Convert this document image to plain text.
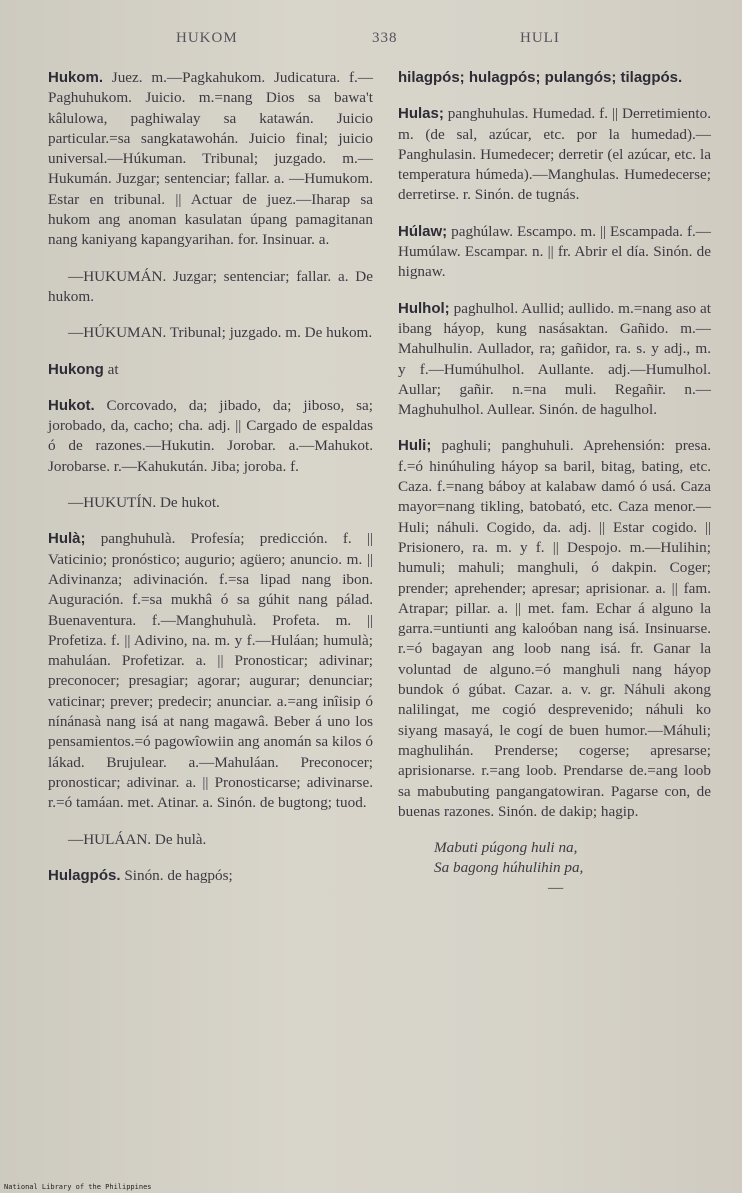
HUKOM	338	HULI

Hukom. Juez. m.—Pagkahukom. Judicatura. f.—Paghuhukom. Juicio. m.=nang Dios sa bawa't kâlulowa, paghiwalay sa katawán. Juicio particular.=sa sangkatawohán. Juicio final; juicio universal.—Húkuman. Tribunal; juzgado. m.—Hukumán. Juzgar; sentenciar; fallar. a. —Humukom. Estar en tribunal. || Actuar de juez.—Iharap sa hukom ang anoman kasulatan úpang pamagitanan nang kaniyang kapangyarihan. for. Insinuar. a.

—HUKUMÁN. Juzgar; sentenciar; fallar. a. De hukom.

—HÚKUMAN. Tribunal; juzgado. m. De hukom.

Hukong at

Hukot. Corcovado, da; jibado, da; jiboso, sa; jorobado, da, cacho; cha. adj. || Cargado de espaldas ó de razones.—Hukutin. Jorobar. a.—Mahukot. Jorobarse. r.—Kahukután. Jiba; joroba. f.

—HUKUTÍN. De hukot.

Hulà; panghuhulà. Profesía; predicción. f. || Vaticinio; pronóstico; augurio; agüero; anuncio. m. || Adivinanza; adivinación. f.=sa lipad nang ibon. Auguración. f.=sa mukhâ ó sa gúhit nang pálad. Buenaventura. f.—Manghuhulà. Profeta. m. || Profetiza. f. || Adivino, na. m. y f.—Huláan; humulà; mahuláan. Profetizar. a. || Pronosticar; adivinar; preconocer; presagiar; agorar; augurar; denunciar; vaticinar; prever; predecir; anunciar. a.=ang inîisip ó nínánasà nang isá at nang magawâ. Beber á uno los pensamientos.=ó pagowîowiin ang anomán sa kilos ó lákad. Brujulear. a.—Mahuláan. Preconocer; pronosticar; adivinar. a. || Pronosticarse; adivinarse. r.=ó tamáan. met. Atinar. a. Sinón. de bugtong; tuod.

—HULÁAN. De hulà.

Hulagpós. Sinón. de hagpós;

hilagpós; hulagpós; pulangós; tilagpós.

Hulas; panghuhulas. Humedad. f. || Derretimiento. m. (de sal, azúcar, etc. por la humedad).—Panghulasin. Humedecer; derretir (el azúcar, etc. la temperatura húmeda).—Manghulas. Humedecerse; derretirse. r. Sinón. de tugnás.

Húlaw; paghúlaw. Escampo. m. || Escampada. f.—Humúlaw. Escampar. n. || fr. Abrir el día. Sinón. de hignaw.

Hulhol; paghulhol. Aullid; aullido. m.=nang aso at ibang háyop, kung nasásaktan. Gañido. m.—Mahulhulin. Aullador, ra; gañidor, ra. s. y adj., m. y f.—Humúhulhol. Aullante. adj.—Humulhol. Aullar; gañir. n.=na muli. Regañir. n.—Maghuhulhol. Aullear. Sinón. de hagulhol.

Huli; paghuli; panghuhuli. Aprehensión: presa. f.=ó hinúhuling háyop sa baril, bitag, bating, etc. Caza. f.=nang báboy at kalabaw damó ó usá. Caza mayor=nang tikling, batobató, etc. Caza menor.—Huli; náhuli. Cogido, da. adj. || Estar cogido. || Prisionero, ra. m. y f. || Despojo. m.—Hulihin; humuli; mahuli; manghuli, ó dakpin. Coger; prender; aprehender; apresar; aprisionar. a. || fam. Atrapar; pillar. a. || met. fam. Echar á alguno la garra.=untiunti ang kaloóban nang isá. Insinuarse. r.=ó bagayan ang loob nang isá. fr. Ganar la voluntad de alguno.=ó manghuli nang háyop bundok ó gúbat. Cazar. a. v. gr. Náhuli akong nalilingat, me cogió desprevenido; náhuli ko siyang masayá, le cogí de buen humor.—Máhuli; maghulihán. Prenderse; cogerse; apresarse; aprisionarse. r.=ang loob. Prendarse de.=ang loob sa mabubuting pangangatowiran. Pagarse con, de buenas razones. Sinón. de dakip; hagip.

Mabuti púgong huli na,
Sa bagong húhulihin pa,
—
National Library of the Philippines
